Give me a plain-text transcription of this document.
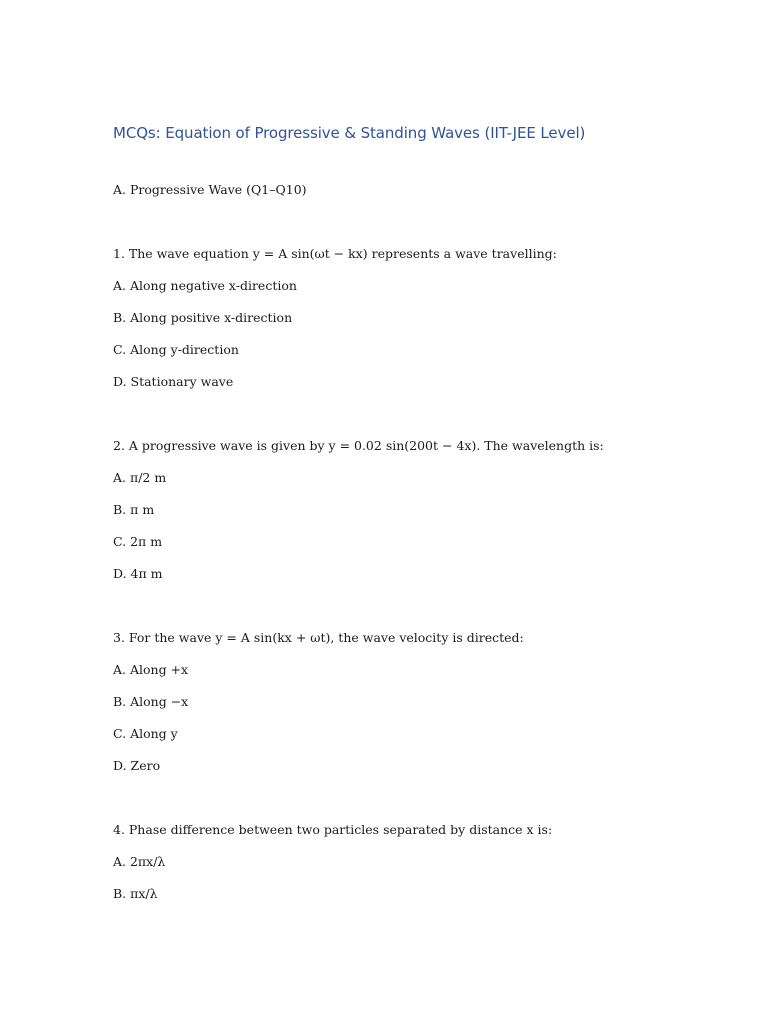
MCQs: Equation of Progressive & Standing Waves (IIT-JEE Level)

A. Progressive Wave (Q1–Q10)

1. The wave equation y = A sin(ωt − kx) represents a wave travelling:

A. Along negative x-direction

B. Along positive x-direction

C. Along y-direction

D. Stationary wave

2. A progressive wave is given by y = 0.02 sin(200t − 4x). The wavelength is:

A. π/2 m

B. π m

C. 2π m

D. 4π m

3. For the wave y = A sin(kx + ωt), the wave velocity is directed:

A. Along +x

B. Along −x

C. Along y

D. Zero

4. Phase difference between two particles separated by distance x is:

A. 2πx/λ

B. πx/λ
